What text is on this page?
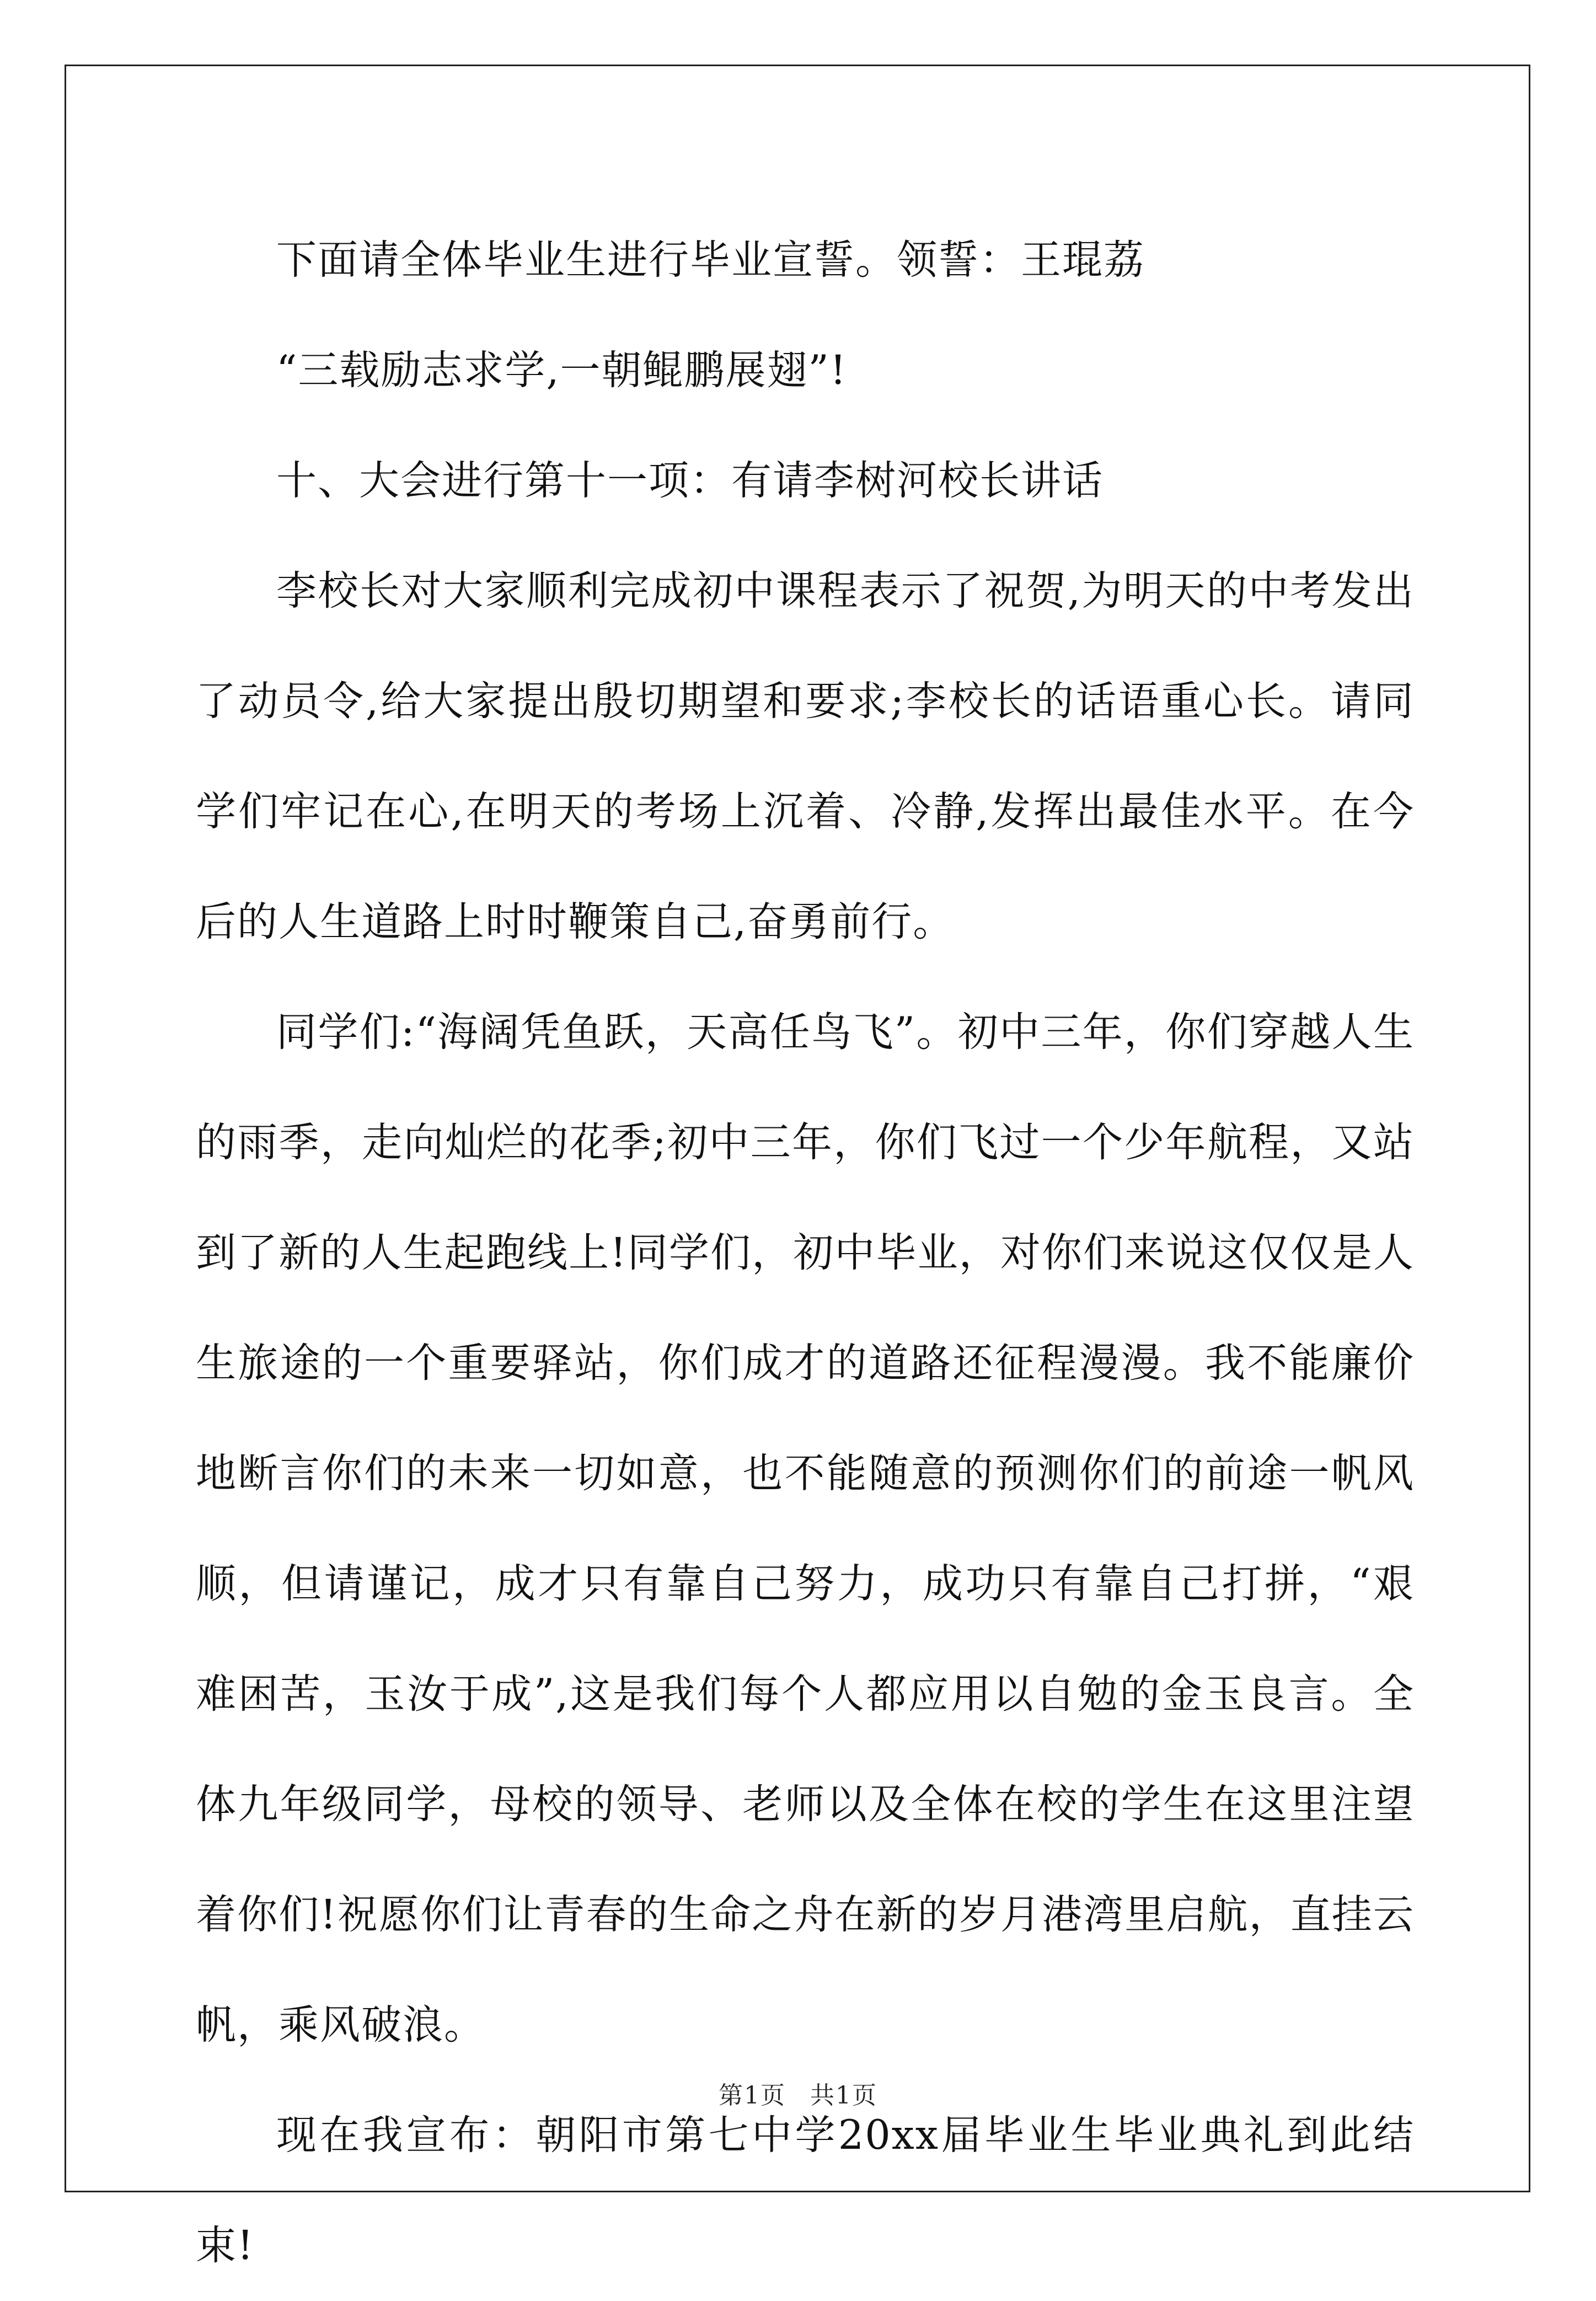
下面请全体毕业生进行毕业宣誓。领誓：王琨荔

“三载励志求学,一朝鲲鹏展翅”!

十、大会进行第十一项：有请李树河校长讲话

李校长对大家顺利完成初中课程表示了祝贺,为明天的中考发出了动员令,给大家提出殷切期望和要求;李校长的话语重心长。请同学们牢记在心,在明天的考场上沉着、冷静,发挥出最佳水平。在今后的人生道路上时时鞭策自己,奋勇前行。

同学们:“海阔凭鱼跃，天高任鸟飞”。初中三年，你们穿越人生的雨季，走向灿烂的花季;初中三年，你们飞过一个少年航程，又站到了新的人生起跑线上!同学们，初中毕业，对你们来说这仅仅是人生旅途的一个重要驿站，你们成才的道路还征程漫漫。我不能廉价地断言你们的未来一切如意，也不能随意的预测你们的前途一帆风顺，但请谨记，成才只有靠自己努力，成功只有靠自己打拼，“艰难困苦，玉汝于成”,这是我们每个人都应用以自勉的金玉良言。全体九年级同学，母校的领导、老师以及全体在校的学生在这里注望着你们!祝愿你们让青春的生命之舟在新的岁月港湾里启航，直挂云帆，乘风破浪。

现在我宣布：朝阳市第七中学20xx届毕业生毕业典礼到此结束!

第1页 共1页
